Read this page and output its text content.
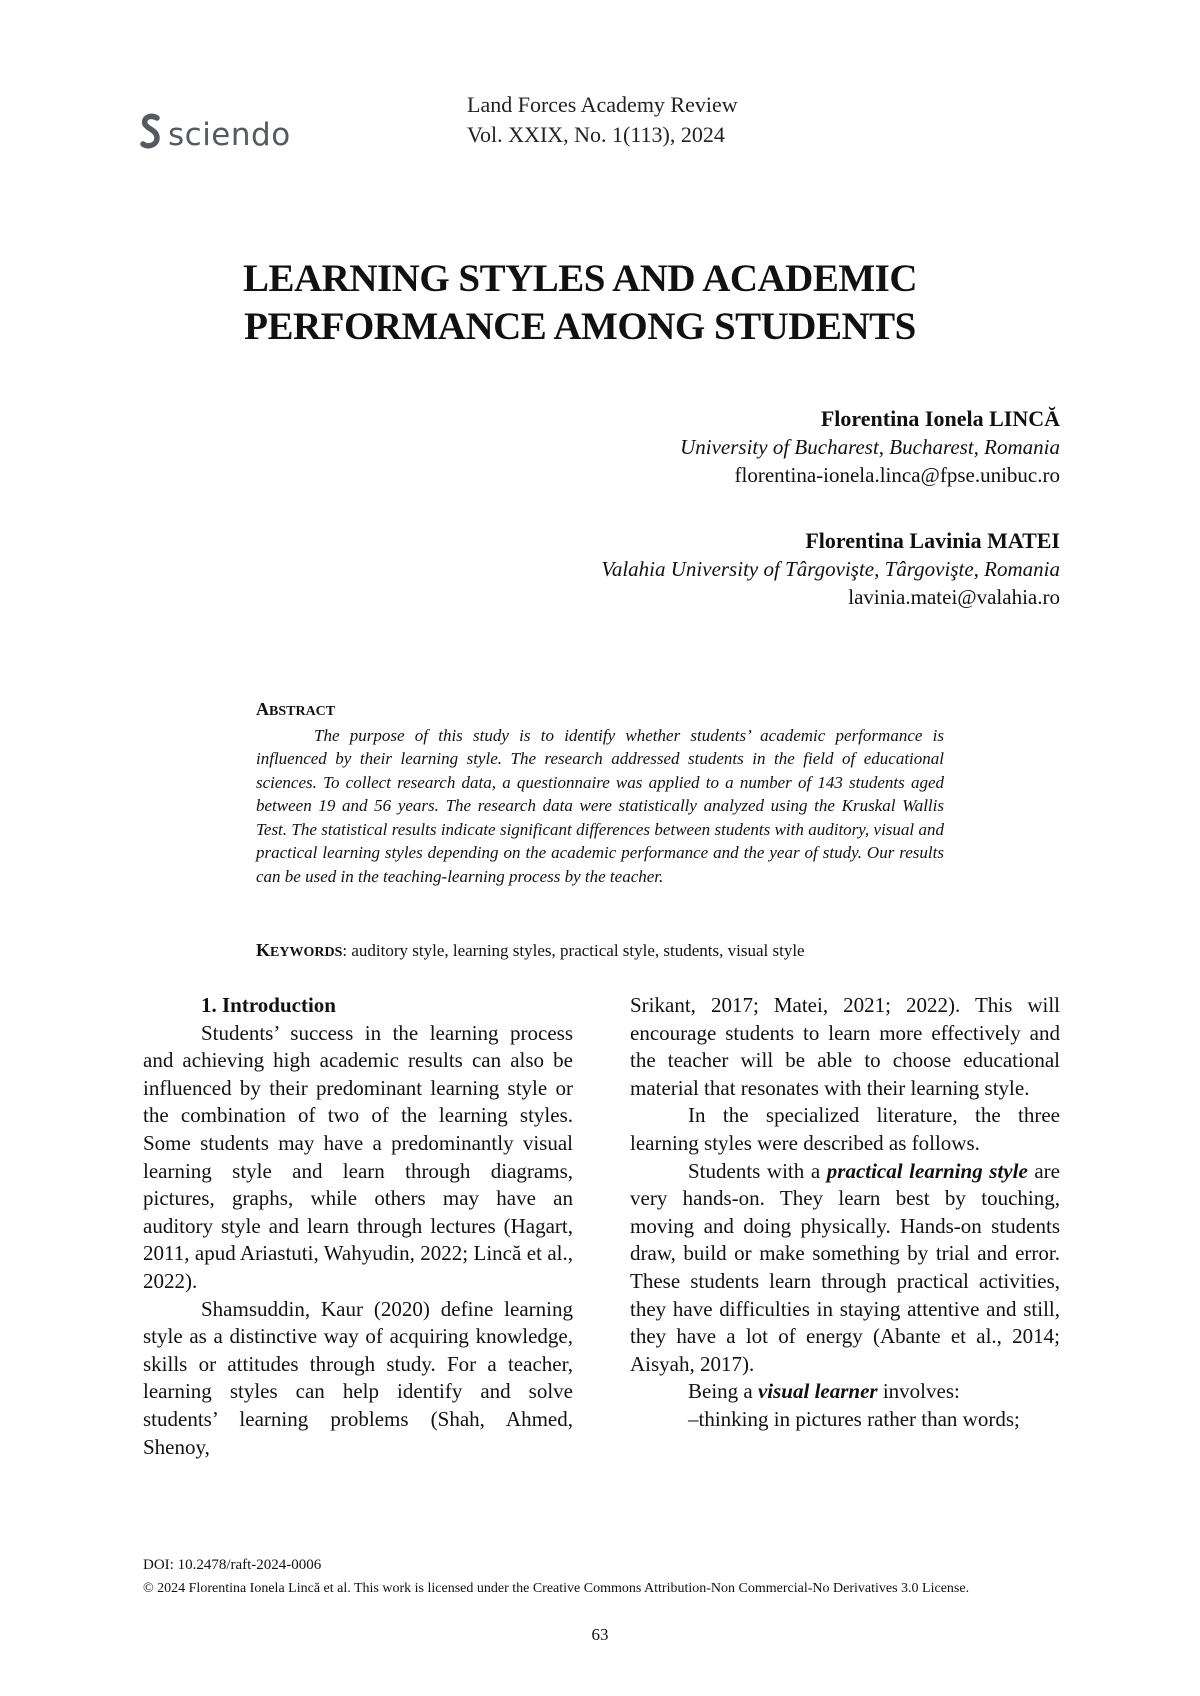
sciendo
Land Forces Academy Review
Vol. XXIX, No. 1(113), 2024
LEARNING STYLES AND ACADEMIC
PERFORMANCE AMONG STUDENTS
Florentina Ionela LINCĂ
University of Bucharest, Bucharest, Romania
florentina-ionela.linca@fpse.unibuc.ro
Florentina Lavinia MATEI
Valahia University of Târgovişte, Târgovişte, Romania
lavinia.matei@valahia.ro
ABSTRACT

The purpose of this study is to identify whether students’ academic performance is influenced by their learning style. The research addressed students in the field of educational sciences. To collect research data, a questionnaire was applied to a number of 143 students aged between 19 and 56 years. The research data were statistically analyzed using the Kruskal Wallis Test. The statistical results indicate significant differences between students with auditory, visual and practical learning styles depending on the academic performance and the year of study. Our results can be used in the teaching-learning process by the teacher.

KEYWORDS: auditory style, learning styles, practical style, students, visual style
1. Introduction

Students’ success in the learning process and achieving high academic results can also be influenced by their predominant learning style or the combination of two of the learning styles. Some students may have a predominantly visual learning style and learn through diagrams, pictures, graphs, while others may have an auditory style and learn through lectures (Hagart, 2011, apud Ariastuti, Wahyudin, 2022; Lincă et al., 2022).

Shamsuddin, Kaur (2020) define learning style as a distinctive way of acquiring knowledge, skills or attitudes through study. For a teacher, learning styles can help identify and solve students’ learning problems (Shah, Ahmed, Shenoy,

Srikant, 2017; Matei, 2021; 2022). This will encourage students to learn more effectively and the teacher will be able to choose educational material that resonates with their learning style.

In the specialized literature, the three learning styles were described as follows.

Students with a practical learning style are very hands-on. They learn best by touching, moving and doing physically. Hands-on students draw, build or make something by trial and error. These students learn through practical activities, they have difficulties in staying attentive and still, they have a lot of energy (Abante et al., 2014; Aisyah, 2017).

Being a visual learner involves:

–thinking in pictures rather than words;

DOI: 10.2478/raft-2024-0006
© 2024 Florentina Ionela Lincă et al. This work is licensed under the Creative Commons Attribution-Non Commercial-No Derivatives 3.0 License.
63
